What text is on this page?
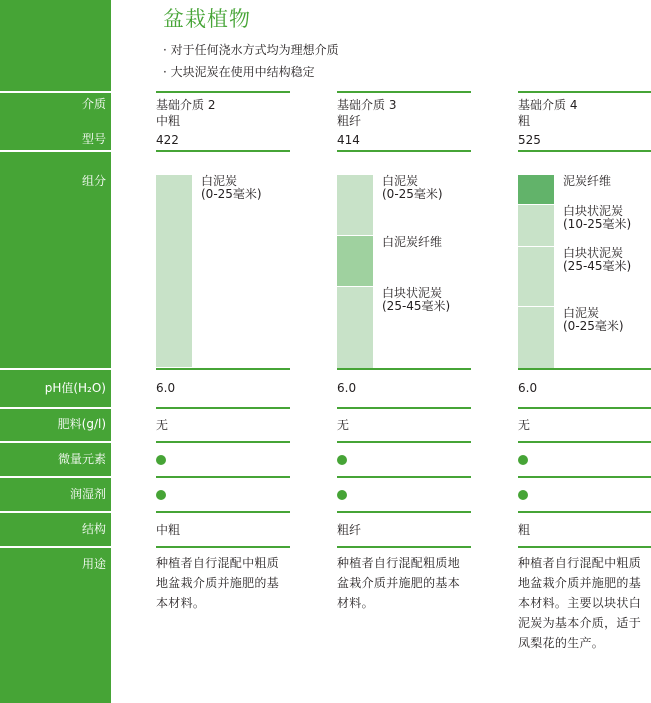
介质
型号
组分
pH值(H₂O)
肥料(g/l)
微量元素
润湿剂
结构
用途
盆栽植物
· 对于任何浇水方式均为理想介质
· 大块泥炭在使用中结构稳定
基础介质 2
中粗
422
白泥炭
(0-25毫米)
6.0
无
中粗
种植者自行混配中粗质
地盆栽介质并施肥的基
本材料。
基础介质 3
粗纤
414
白泥炭
(0-25毫米)
白泥炭纤维
白块状泥炭
(25-45毫米)
6.0
无
粗纤
种植者自行混配粗质地
盆栽介质并施肥的基本
材料。
基础介质 4
粗
525
泥炭纤维
白块状泥炭
(10-25毫米)
白块状泥炭
(25-45毫米)
白泥炭
(0-25毫米)
6.0
无
粗
种植者自行混配中粗质
地盆栽介质并施肥的基
本材料。主要以块状白
泥炭为基本介质，适于
凤梨花的生产。
